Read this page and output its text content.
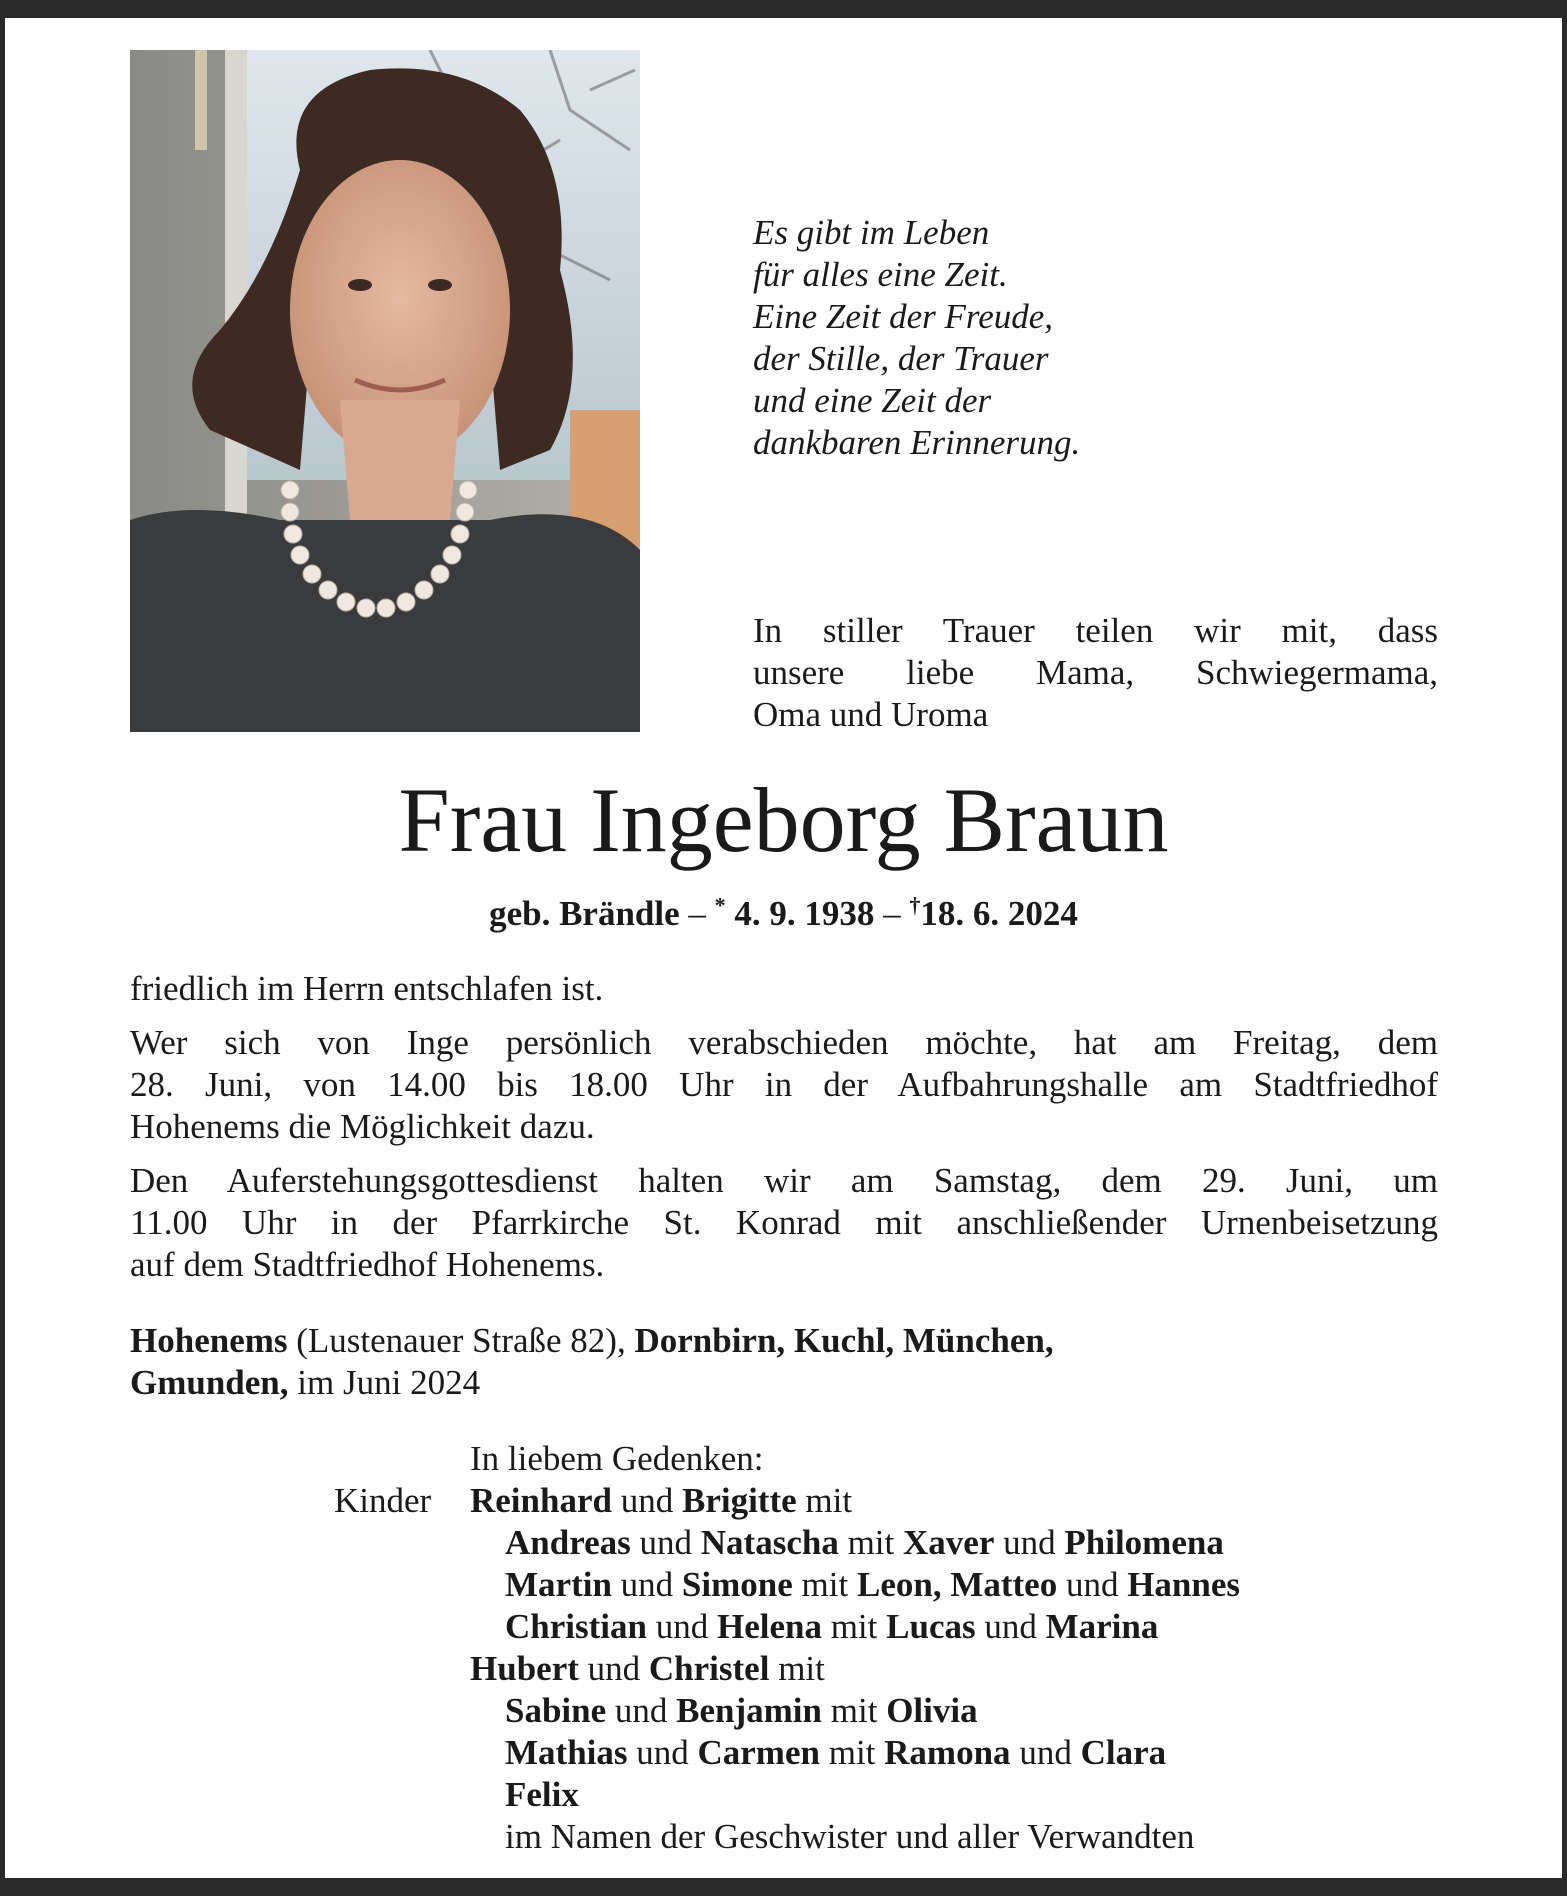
Es gibt im Leben
für alles eine Zeit.
Eine Zeit der Freude,
der Stille, der Trauer
und eine Zeit der
dankbaren Erinnerung.
In stiller Trauer teilen wir mit, dass
unsere liebe Mama, Schwiegermama,
Oma und Uroma
Frau Ingeborg Braun
geb. Brändle – * 4. 9. 1938 – †18. 6. 2024
friedlich im Herrn entschlafen ist.
Wer sich von Inge persönlich verabschieden möchte, hat am Freitag, dem
28. Juni, von 14.00 bis 18.00 Uhr in der Aufbahrungshalle am Stadtfriedhof
Hohenems die Möglichkeit dazu.
Den Auferstehungsgottesdienst halten wir am Samstag, dem 29. Juni, um
11.00 Uhr in der Pfarrkirche St. Konrad mit anschließender Urnenbeisetzung
auf dem Stadtfriedhof Hohenems.
Hohenems (Lustenauer Straße 82), Dornbirn, Kuchl, München,
Gmunden, im Juni 2024
In liebem Gedenken:
Kinder Reinhard und Brigitte mit
Andreas und Natascha mit Xaver und Philomena
Martin und Simone mit Leon, Matteo und Hannes
Christian und Helena mit Lucas und Marina
Hubert und Christel mit
Sabine und Benjamin mit Olivia
Mathias und Carmen mit Ramona und Clara
Felix
im Namen der Geschwister und aller Verwandten
